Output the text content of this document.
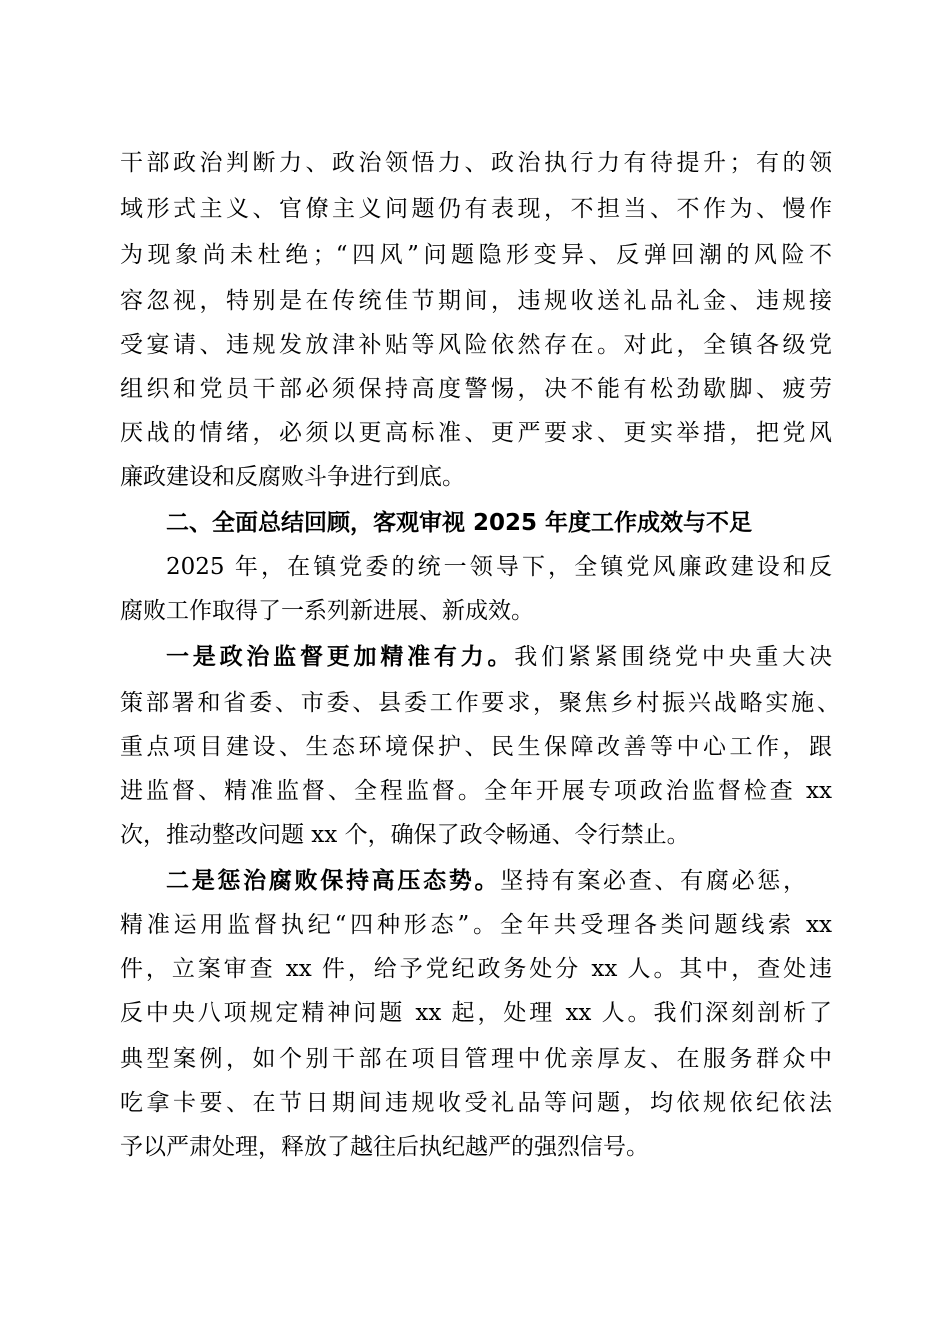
干部政治判断力、政治领悟力、政治执行力有待提升；有的领
域形式主义、官僚主义问题仍有表现，不担当、不作为、慢作
为现象尚未杜绝；“四风”问题隐形变异、反弹回潮的风险不
容忽视，特别是在传统佳节期间，违规收送礼品礼金、违规接
受宴请、违规发放津补贴等风险依然存在。对此，全镇各级党
组织和党员干部必须保持高度警惕，决不能有松劲歇脚、疲劳
厌战的情绪，必须以更高标准、更严要求、更实举措，把党风
廉政建设和反腐败斗争进行到底。
二、全面总结回顾，客观审视 2025 年度工作成效与不足
2025 年，在镇党委的统一领导下，全镇党风廉政建设和反
腐败工作取得了一系列新进展、新成效。
一是政治监督更加精准有力。我们紧紧围绕党中央重大决
策部署和省委、市委、县委工作要求，聚焦乡村振兴战略实施、
重点项目建设、生态环境保护、民生保障改善等中心工作，跟
进监督、精准监督、全程监督。全年开展专项政治监督检查 xx
次，推动整改问题 xx 个，确保了政令畅通、令行禁止。
二是惩治腐败保持高压态势。坚持有案必查、有腐必惩，
精准运用监督执纪“四种形态”。全年共受理各类问题线索 xx
件，立案审查 xx 件，给予党纪政务处分 xx 人。其中，查处违
反中央八项规定精神问题 xx 起，处理 xx 人。我们深刻剖析了
典型案例，如个别干部在项目管理中优亲厚友、在服务群众中
吃拿卡要、在节日期间违规收受礼品等问题，均依规依纪依法
予以严肃处理，释放了越往后执纪越严的强烈信号。
